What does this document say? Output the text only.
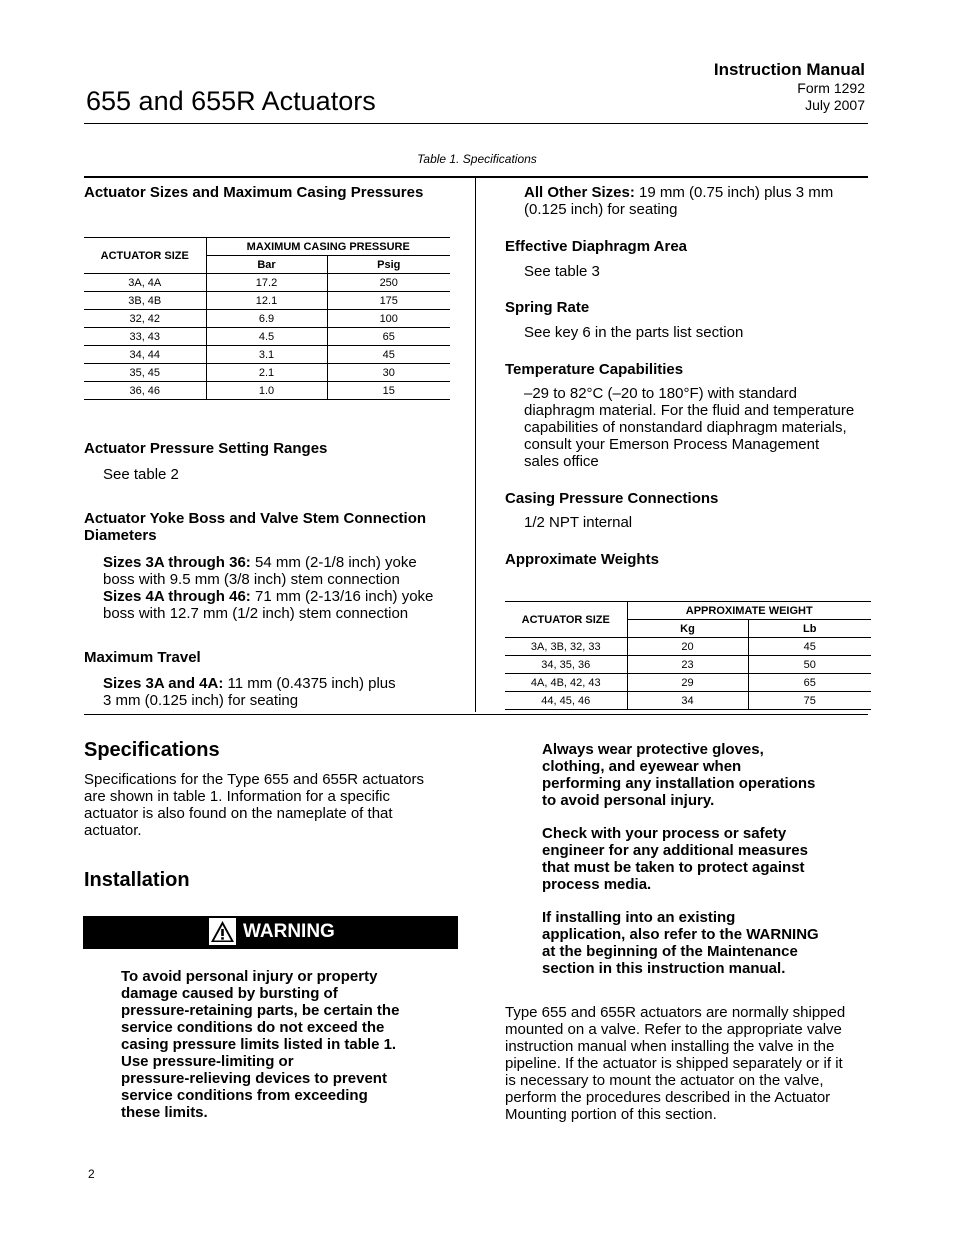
655 and 655R Actuators
Instruction Manual
Form 1292
July 2007
Table 1. Specifications
Actuator Sizes and Maximum Casing Pressures
ACTUATOR SIZE	MAXIMUM CASING PRESSURE	
	Bar	Psig
3A, 4A	17.2	250
3B, 4B	12.1	175
32, 42	6.9	100
33, 43	4.5	65
34, 44	3.1	45
35, 45	2.1	30
36, 46	1.0	15
Actuator Pressure Setting Ranges
See table 2
Actuator Yoke Boss and Valve Stem Connection
Diameters
Sizes 3A through 36: 54 mm (2-1/8 inch) yoke
boss with 9.5 mm (3/8 inch) stem connection
Sizes 4A through 46: 71 mm (2-13/16 inch) yoke
boss with 12.7 mm (1/2 inch) stem connection
Maximum Travel
Sizes 3A and 4A: 11 mm (0.4375 inch) plus
3 mm (0.125 inch) for seating
All Other Sizes: 19 mm (0.75 inch) plus 3 mm
(0.125 inch) for seating
Effective Diaphragm Area
See table 3
Spring Rate
See key 6 in the parts list section
Temperature Capabilities
–29 to 82°C (–20 to 180°F) with standard
diaphragm material. For the fluid and temperature
capabilities of nonstandard diaphragm materials,
consult your Emerson Process Management
sales office
Casing Pressure Connections
1/2 NPT internal
Approximate Weights
ACTUATOR SIZE	APPROXIMATE WEIGHT	
	Kg	Lb
3A, 3B, 32, 33	20	45
34, 35, 36	23	50
4A, 4B, 42, 43	29	65
44, 45, 46	34	75
Specifications
Specifications for the Type 655 and 655R actuators
are shown in table 1. Information for a specific
actuator is also found on the nameplate of that
actuator.
Installation
WARNING
To avoid personal injury or property
damage caused by bursting of
pressure-retaining parts, be certain the
service conditions do not exceed the
casing pressure limits listed in table 1.
Use pressure-limiting or
pressure-relieving devices to prevent
service conditions from exceeding
these limits.
Always wear protective gloves,
clothing, and eyewear when
performing any installation operations
to avoid personal injury.
Check with your process or safety
engineer for any additional measures
that must be taken to protect against
process media.
If installing into an existing
application, also refer to the WARNING
at the beginning of the Maintenance
section in this instruction manual.
Type 655 and 655R actuators are normally shipped
mounted on a valve. Refer to the appropriate valve
instruction manual when installing the valve in the
pipeline. If the actuator is shipped separately or if it
is necessary to mount the actuator on the valve,
perform the procedures described in the Actuator
Mounting portion of this section.
2
